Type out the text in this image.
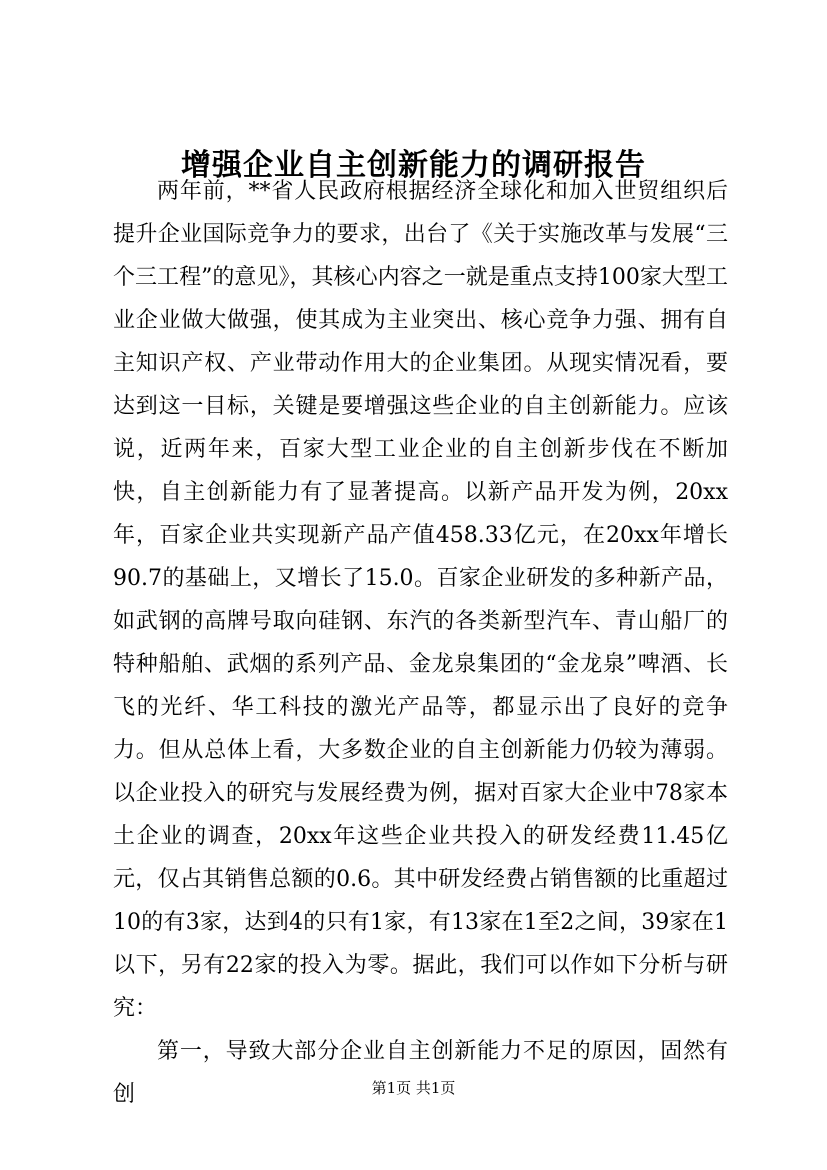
增强企业自主创新能力的调研报告

两年前，**省人民政府根据经济全球化和加入世贸组织后提升企业国际竞争力的要求，出台了《关于实施改革与发展“三个三工程”的意见》，其核心内容之一就是重点支持100家大型工业企业做大做强，使其成为主业突出、核心竞争力强、拥有自主知识产权、产业带动作用大的企业集团。从现实情况看，要达到这一目标，关键是要增强这些企业的自主创新能力。应该说，近两年来，百家大型工业企业的自主创新步伐在不断加快，自主创新能力有了显著提高。以新产品开发为例，20xx年，百家企业共实现新产品产值458.33亿元，在20xx年增长90.7的基础上，又增长了15.0。百家企业研发的多种新产品，如武钢的高牌号取向硅钢、东汽的各类新型汽车、青山船厂的特种船舶、武烟的系列产品、金龙泉集团的“金龙泉”啤酒、长飞的光纤、华工科技的激光产品等，都显示出了良好的竞争力。但从总体上看，大多数企业的自主创新能力仍较为薄弱。以企业投入的研究与发展经费为例，据对百家大企业中78家本土企业的调查，20xx年这些企业共投入的研发经费11.45亿元，仅占其销售总额的0.6。其中研发经费占销售额的比重超过10的有3家，达到4的只有1家，有13家在1至2之间，39家在1以下，另有22家的投入为零。据此，我们可以作如下分析与研究：

第一，导致大部分企业自主创新能力不足的原因，固然有创	第1页 共1页
